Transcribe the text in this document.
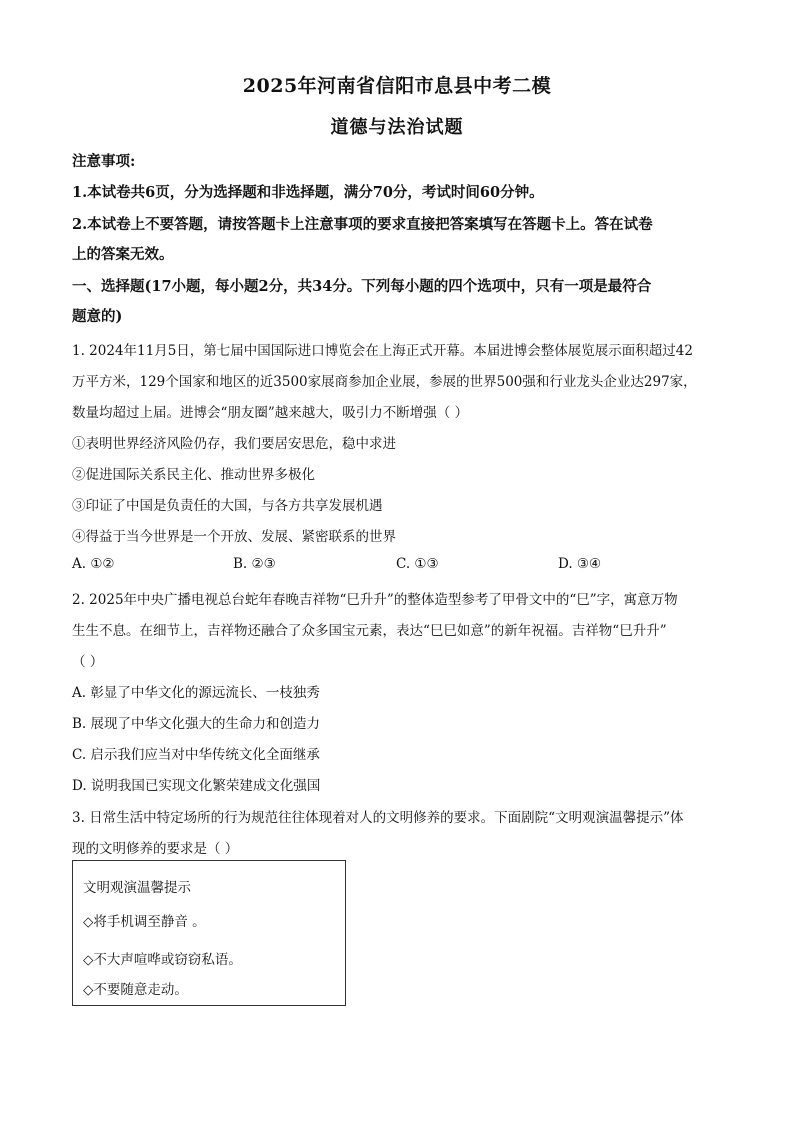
2025年河南省信阳市息县中考二模
道德与法治试题
注意事项:
1.本试卷共6页，分为选择题和非选择题，满分70分，考试时间60分钟。
2.本试卷上不要答题，请按答题卡上注意事项的要求直接把答案填写在答题卡上。答在试卷
上的答案无效。
一、选择题(17小题，每小题2分，共34分。下列每小题的四个选项中，只有一项是最符合
题意的)
1. 2024年11月5日，第七届中国国际进口博览会在上海正式开幕。本届进博会整体展览展示面积超过42
万平方米，129个国家和地区的近3500家展商参加企业展，参展的世界500强和行业龙头企业达297家，
数量均超过上届。进博会“朋友圈”越来越大，吸引力不断增强（ ）
①表明世界经济风险仍存，我们要居安思危，稳中求进
②促进国际关系民主化、推动世界多极化
③印证了中国是负责任的大国，与各方共享发展机遇
④得益于当今世界是一个开放、发展、紧密联系的世界
A. ①②	B. ②③	C. ①③	D. ③④
2. 2025年中央广播电视总台蛇年春晚吉祥物“巳升升”的整体造型参考了甲骨文中的“巳”字，寓意万物
生生不息。在细节上，吉祥物还融合了众多国宝元素，表达“巳巳如意”的新年祝福。吉祥物“巳升升”
（ ）
A. 彰显了中华文化的源远流长、一枝独秀
B. 展现了中华文化强大的生命力和创造力
C. 启示我们应当对中华传统文化全面继承
D. 说明我国已实现文化繁荣建成文化强国
3. 日常生活中特定场所的行为规范往往体现着对人的文明修养的要求。下面剧院“文明观演温馨提示”体
现的文明修养的要求是（ ）
文明观演温馨提示
◇将手机调至静音 。
◇不大声喧哗或窃窃私语。
◇不要随意走动。
